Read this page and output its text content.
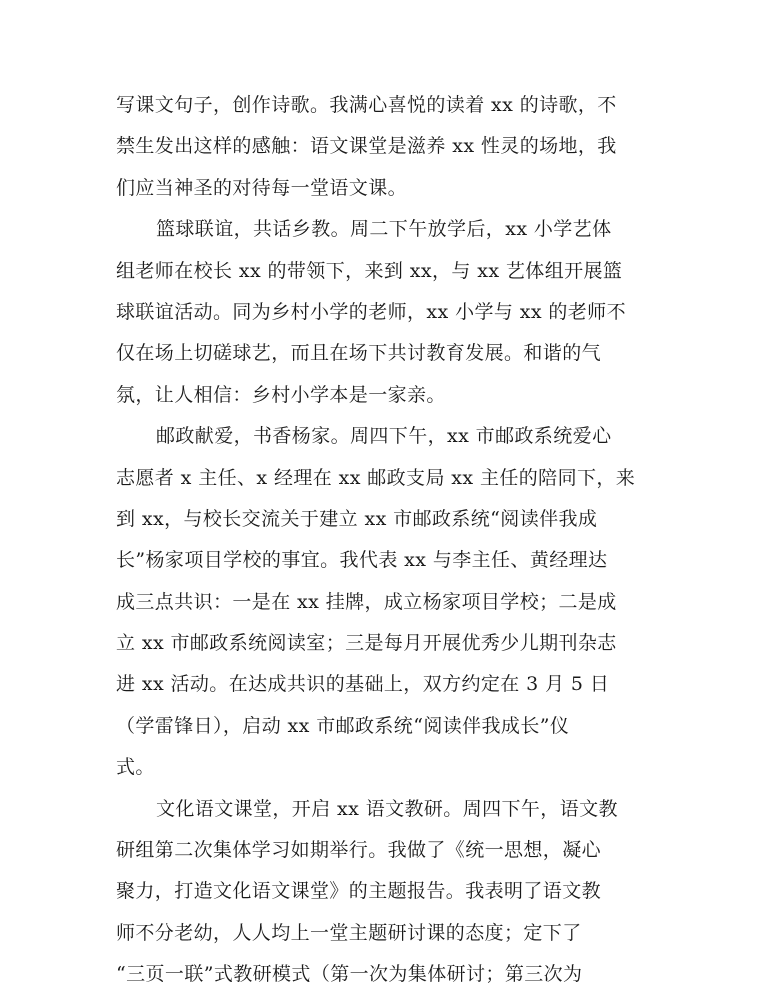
写课文句子，创作诗歌。我满心喜悦的读着 xx 的诗歌，不
禁生发出这样的感触：语文课堂是滋养 xx 性灵的场地，我
们应当神圣的对待每一堂语文课。
篮球联谊，共话乡教。周二下午放学后，xx 小学艺体
组老师在校长 xx 的带领下，来到 xx，与 xx 艺体组开展篮
球联谊活动。同为乡村小学的老师，xx 小学与 xx 的老师不
仅在场上切磋球艺，而且在场下共讨教育发展。和谐的气
氛，让人相信：乡村小学本是一家亲。
邮政献爱，书香杨家。周四下午，xx 市邮政系统爱心
志愿者 x 主任、x 经理在 xx 邮政支局 xx 主任的陪同下，来
到 xx，与校长交流关于建立 xx 市邮政系统“阅读伴我成
长”杨家项目学校的事宜。我代表 xx 与李主任、黄经理达
成三点共识：一是在 xx 挂牌，成立杨家项目学校；二是成
立 xx 市邮政系统阅读室；三是每月开展优秀少儿期刊杂志
进 xx 活动。在达成共识的基础上，双方约定在 3 月 5 日
（学雷锋日），启动 xx 市邮政系统“阅读伴我成长”仪
式。
文化语文课堂，开启 xx 语文教研。周四下午，语文教
研组第二次集体学习如期举行。我做了《统一思想，凝心
聚力，打造文化语文课堂》的主题报告。我表明了语文教
师不分老幼，人人均上一堂主题研讨课的态度；定下了
“三页一联”式教研模式（第一次为集体研讨；第三次为
